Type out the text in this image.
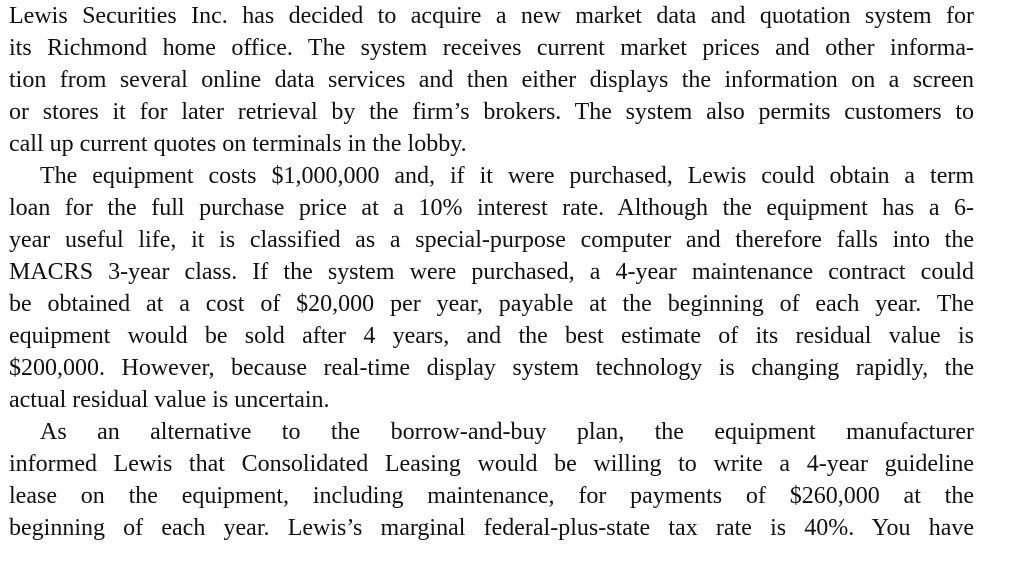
Lewis Securities Inc. has decided to acquire a new market data and quotation system for
its Richmond home office. The system receives current market prices and other informa-
tion from several online data services and then either displays the information on a screen
or stores it for later retrieval by the firm’s brokers. The system also permits customers to
call up current quotes on terminals in the lobby.
The equipment costs $1,000,000 and, if it were purchased, Lewis could obtain a term
loan for the full purchase price at a 10% interest rate. Although the equipment has a 6-
year useful life, it is classified as a special-purpose computer and therefore falls into the
MACRS 3-year class. If the system were purchased, a 4-year maintenance contract could
be obtained at a cost of $20,000 per year, payable at the beginning of each year. The
equipment would be sold after 4 years, and the best estimate of its residual value is
$200,000. However, because real-time display system technology is changing rapidly, the
actual residual value is uncertain.
As an alternative to the borrow-and-buy plan, the equipment manufacturer
informed Lewis that Consolidated Leasing would be willing to write a 4-year guideline
lease on the equipment, including maintenance, for payments of $260,000 at the
beginning of each year. Lewis’s marginal federal-plus-state tax rate is 40%. You have
